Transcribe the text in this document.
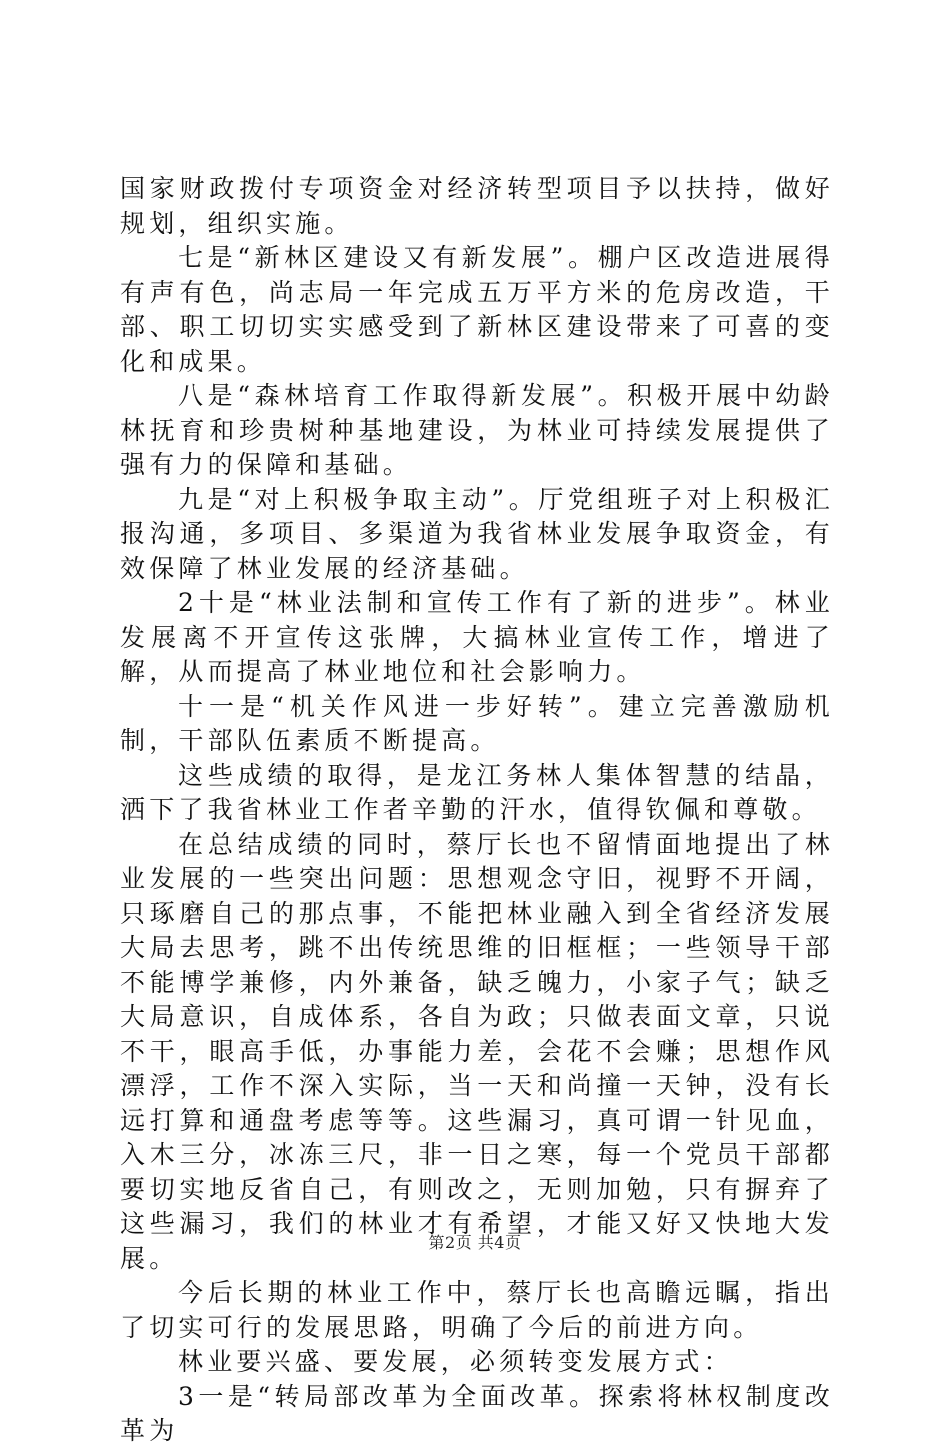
国家财政拨付专项资金对经济转型项目予以扶持，做好规划，组织实施。

七是“新林区建设又有新发展”。棚户区改造进展得有声有色，尚志局一年完成五万平方米的危房改造，干部、职工切切实实感受到了新林区建设带来了可喜的变化和成果。

八是“森林培育工作取得新发展”。积极开展中幼龄林抚育和珍贵树种基地建设，为林业可持续发展提供了强有力的保障和基础。

九是“对上积极争取主动”。厅党组班子对上积极汇报沟通，多项目、多渠道为我省林业发展争取资金，有效保障了林业发展的经济基础。

2十是“林业法制和宣传工作有了新的进步”。林业发展离不开宣传这张牌，大搞林业宣传工作，增进了解，从而提高了林业地位和社会影响力。

十一是“机关作风进一步好转”。建立完善激励机制，干部队伍素质不断提高。

这些成绩的取得，是龙江务林人集体智慧的结晶，洒下了我省林业工作者辛勤的汗水，值得钦佩和尊敬。

在总结成绩的同时，蔡厅长也不留情面地提出了林业发展的一些突出问题：思想观念守旧，视野不开阔，只琢磨自己的那点事，不能把林业融入到全省经济发展大局去思考，跳不出传统思维的旧框框；一些领导干部不能博学兼修，内外兼备，缺乏魄力，小家子气；缺乏大局意识，自成体系，各自为政；只做表面文章，只说不干，眼高手低，办事能力差，会花不会赚；思想作风漂浮，工作不深入实际，当一天和尚撞一天钟，没有长远打算和通盘考虑等等。这些漏习，真可谓一针见血，入木三分，冰冻三尺，非一日之寒，每一个党员干部都要切实地反省自己，有则改之，无则加勉，只有摒弃了这些漏习，我们的林业才有希望，才能又好又快地大发展。

今后长期的林业工作中，蔡厅长也高瞻远瞩，指出了切实可行的发展思路，明确了今后的前进方向。

林业要兴盛、要发展，必须转变发展方式：

3一是“转局部改革为全面改革。探索将林权制度改革为

第2页 共4页
